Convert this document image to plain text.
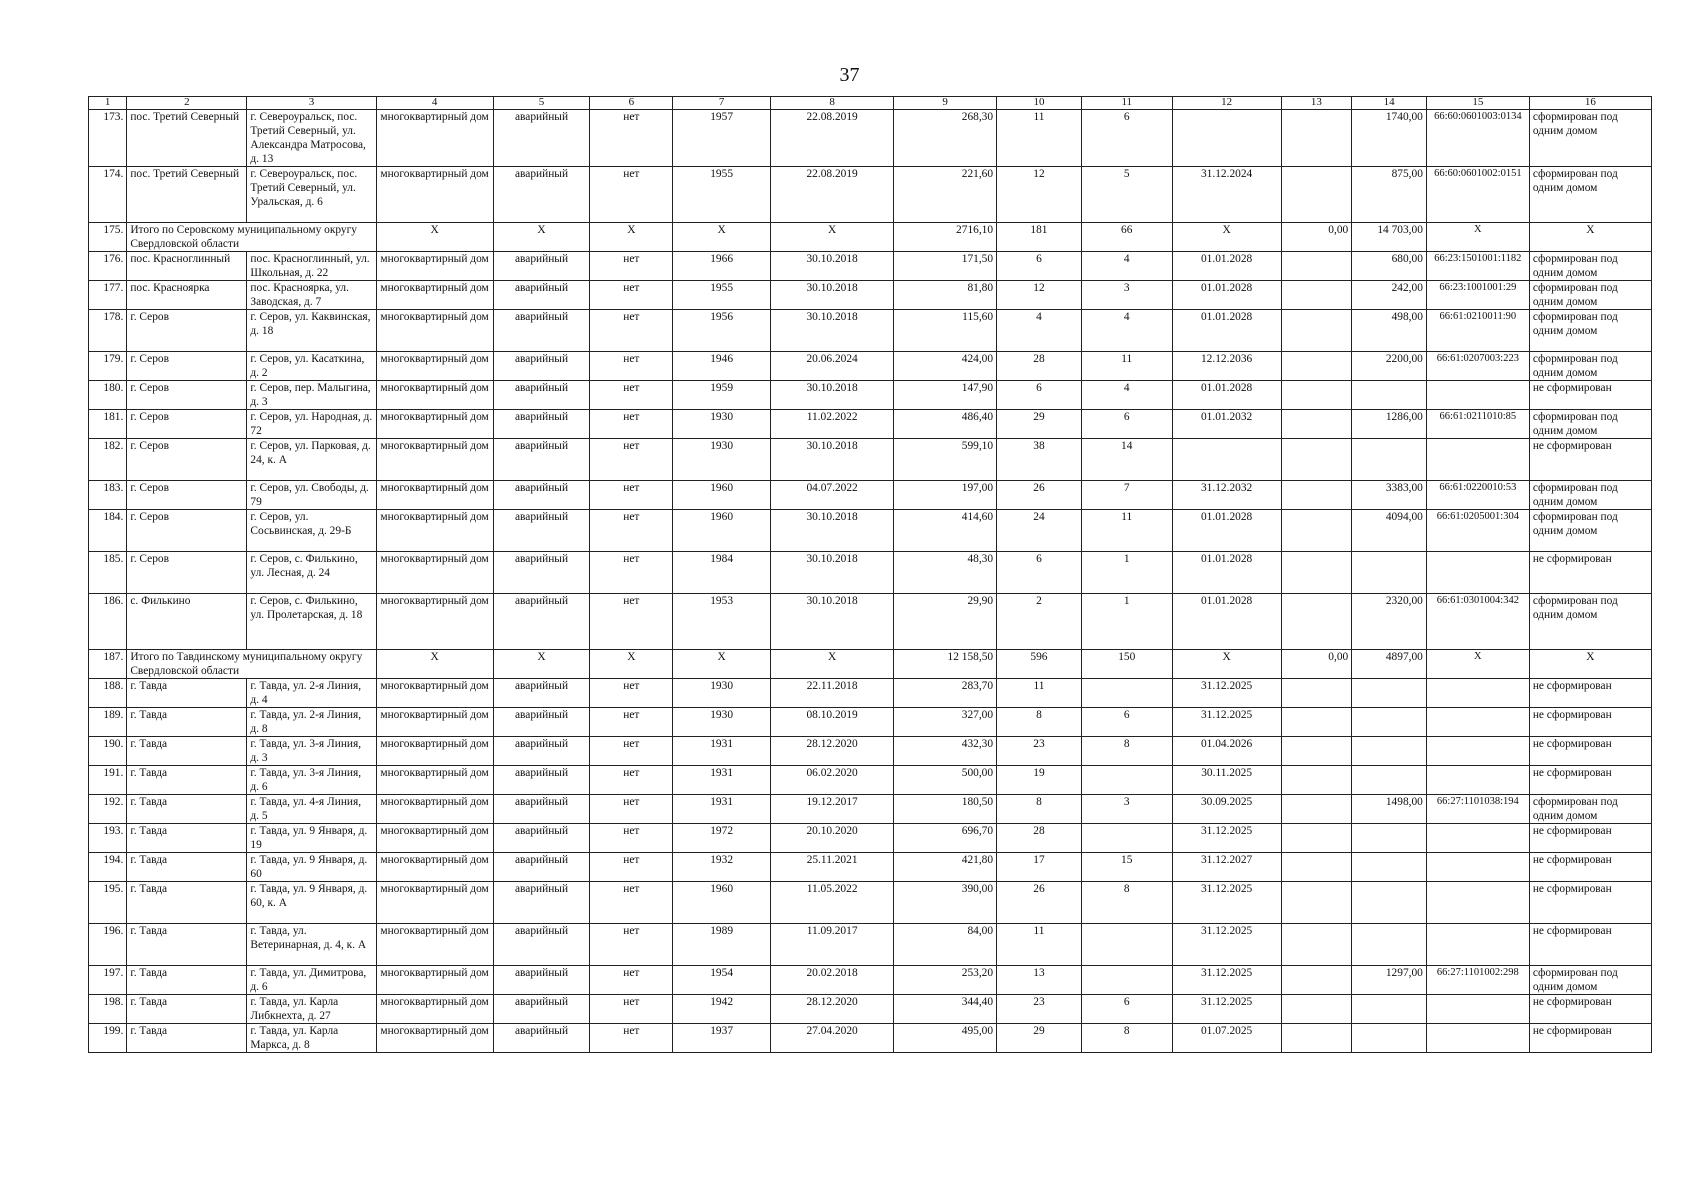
37
1	2	3	4	5	6	7	8	9	10	11	12	13	14	15	16
173.	пос. Третий Северный	г. Североуральск, пос. Третий Северный, ул. Александра Матросова, д. 13	многоквартирный дом	аварийный	нет	1957	22.08.2019	268,30	11	6			1740,00	66:60:0601003:0134	сформирован под одним домом
174.	пос. Третий Северный	г. Североуральск, пос. Третий Северный, ул. Уральская, д. 6	многоквартирный дом	аварийный	нет	1955	22.08.2019	221,60	12	5	31.12.2024		875,00	66:60:0601002:0151	сформирован под одним домом
175.	Итого по Серовскому муниципальному округу Свердловской области		X	X	X	X	X	2716,10	181	66	X	0,00	14 703,00	X	X
176.	пос. Красноглинный	пос. Красноглинный, ул. Школьная, д. 22	многоквартирный дом	аварийный	нет	1966	30.10.2018	171,50	6	4	01.01.2028		680,00	66:23:1501001:1182	сформирован под одним домом
177.	пос. Красноярка	пос. Красноярка, ул. Заводская, д. 7	многоквартирный дом	аварийный	нет	1955	30.10.2018	81,80	12	3	01.01.2028		242,00	66:23:1001001:29	сформирован под одним домом
178.	г. Серов	г. Серов, ул. Каквинская, д. 18	многоквартирный дом	аварийный	нет	1956	30.10.2018	115,60	4	4	01.01.2028		498,00	66:61:0210011:90	сформирован под одним домом
179.	г. Серов	г. Серов, ул. Касаткина, д. 2	многоквартирный дом	аварийный	нет	1946	20.06.2024	424,00	28	11	12.12.2036		2200,00	66:61:0207003:223	сформирован под одним домом
180.	г. Серов	г. Серов, пер. Малыгина, д. 3	многоквартирный дом	аварийный	нет	1959	30.10.2018	147,90	6	4	01.01.2028				не сформирован
181.	г. Серов	г. Серов, ул. Народная, д. 72	многоквартирный дом	аварийный	нет	1930	11.02.2022	486,40	29	6	01.01.2032		1286,00	66:61:0211010:85	сформирован под одним домом
182.	г. Серов	г. Серов, ул. Парковая, д. 24, к. А	многоквартирный дом	аварийный	нет	1930	30.10.2018	599,10	38	14					не сформирован
183.	г. Серов	г. Серов, ул. Свободы, д. 79	многоквартирный дом	аварийный	нет	1960	04.07.2022	197,00	26	7	31.12.2032		3383,00	66:61:0220010:53	сформирован под одним домом
184.	г. Серов	г. Серов, ул. Сосьвинская, д. 29-Б	многоквартирный дом	аварийный	нет	1960	30.10.2018	414,60	24	11	01.01.2028		4094,00	66:61:0205001:304	сформирован под одним домом
185.	г. Серов	г. Серов, с. Филькино, ул. Лесная, д. 24	многоквартирный дом	аварийный	нет	1984	30.10.2018	48,30	6	1	01.01.2028				не сформирован
186.	с. Филькино	г. Серов, с. Филькино, ул. Пролетарская, д. 18	многоквартирный дом	аварийный	нет	1953	30.10.2018	29,90	2	1	01.01.2028		2320,00	66:61:0301004:342	сформирован под одним домом
187.	Итого по Тавдинскому муниципальному округу Свердловской области		X	X	X	X	X	12 158,50	596	150	X	0,00	4897,00	X	X
188.	г. Тавда	г. Тавда, ул. 2-я Линия, д. 4	многоквартирный дом	аварийный	нет	1930	22.11.2018	283,70	11		31.12.2025				не сформирован
189.	г. Тавда	г. Тавда, ул. 2-я Линия, д. 8	многоквартирный дом	аварийный	нет	1930	08.10.2019	327,00	8	6	31.12.2025				не сформирован
190.	г. Тавда	г. Тавда, ул. 3-я Линия, д. 3	многоквартирный дом	аварийный	нет	1931	28.12.2020	432,30	23	8	01.04.2026				не сформирован
191.	г. Тавда	г. Тавда, ул. 3-я Линия, д. 6	многоквартирный дом	аварийный	нет	1931	06.02.2020	500,00	19		30.11.2025				не сформирован
192.	г. Тавда	г. Тавда, ул. 4-я Линия, д. 5	многоквартирный дом	аварийный	нет	1931	19.12.2017	180,50	8	3	30.09.2025		1498,00	66:27:1101038:194	сформирован под одним домом
193.	г. Тавда	г. Тавда, ул. 9 Января, д. 19	многоквартирный дом	аварийный	нет	1972	20.10.2020	696,70	28		31.12.2025				не сформирован
194.	г. Тавда	г. Тавда, ул. 9 Января, д. 60	многоквартирный дом	аварийный	нет	1932	25.11.2021	421,80	17	15	31.12.2027				не сформирован
195.	г. Тавда	г. Тавда, ул. 9 Января, д. 60, к. А	многоквартирный дом	аварийный	нет	1960	11.05.2022	390,00	26	8	31.12.2025				не сформирован
196.	г. Тавда	г. Тавда, ул. Ветеринарная, д. 4, к. А	многоквартирный дом	аварийный	нет	1989	11.09.2017	84,00	11		31.12.2025				не сформирован
197.	г. Тавда	г. Тавда, ул. Димитрова, д. 6	многоквартирный дом	аварийный	нет	1954	20.02.2018	253,20	13		31.12.2025		1297,00	66:27:1101002:298	сформирован под одним домом
198.	г. Тавда	г. Тавда, ул. Карла Либкнехта, д. 27	многоквартирный дом	аварийный	нет	1942	28.12.2020	344,40	23	6	31.12.2025				не сформирован
199.	г. Тавда	г. Тавда, ул. Карла Маркса, д. 8	многоквартирный дом	аварийный	нет	1937	27.04.2020	495,00	29	8	01.07.2025				не сформирован
